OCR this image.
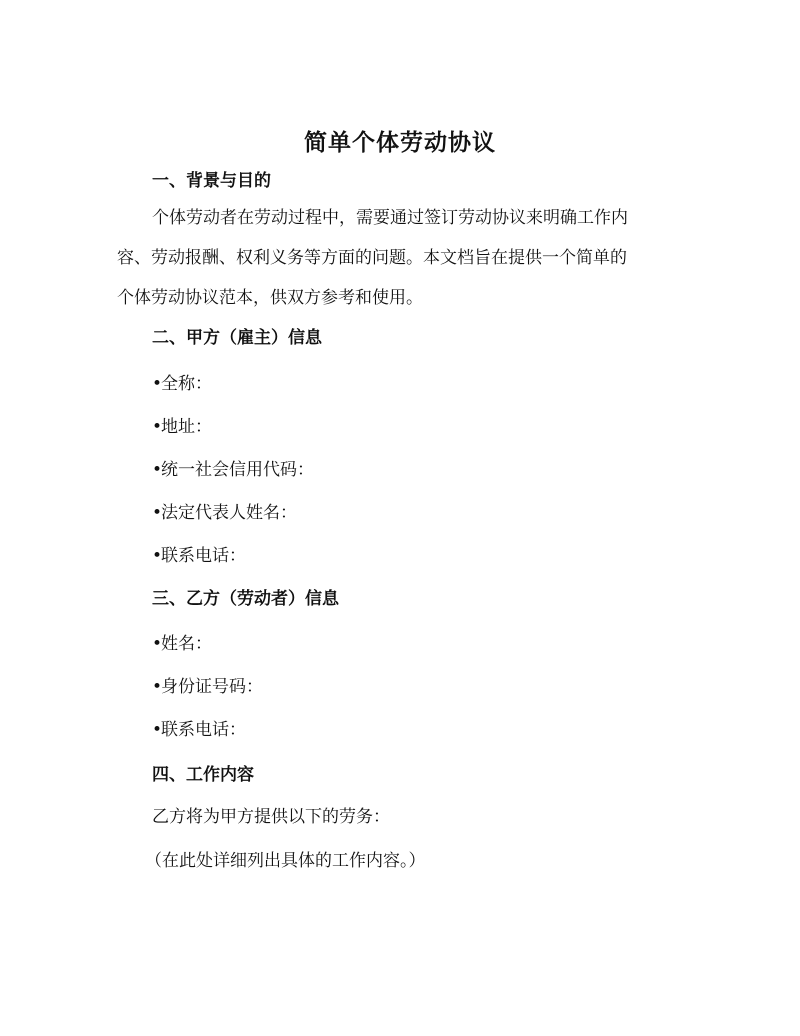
简单个体劳动协议
一、背景与目的

个体劳动者在劳动过程中，需要通过签订劳动协议来明确工作内
容、劳动报酬、权利义务等方面的问题。本文档旨在提供一个简单的
个体劳动协议范本，供双方参考和使用。

二、甲方（雇主）信息

•全称：

•地址：

•统一社会信用代码：

•法定代表人姓名：

•联系电话：

三、乙方（劳动者）信息

•姓名：

•身份证号码：

•联系电话：

四、工作内容

乙方将为甲方提供以下的劳务：

（在此处详细列出具体的工作内容。）
